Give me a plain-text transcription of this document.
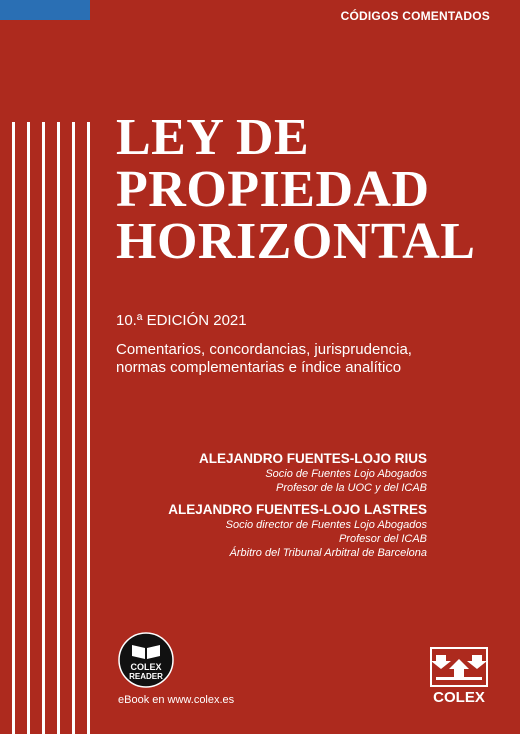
CÓDIGOS COMENTADOS
LEY DE
PROPIEDAD
HORIZONTAL
10.ª EDICIÓN 2021
Comentarios, concordancias, jurisprudencia,
normas complementarias e índice analítico
ALEJANDRO FUENTES-LOJO RIUS
Socio de Fuentes Lojo Abogados
Profesor de la UOC y del ICAB
ALEJANDRO FUENTES-LOJO LASTRES
Socio director de Fuentes Lojo Abogados
Profesor del ICAB
Árbitro del Tribunal Arbitral de Barcelona
COLEX
READER
eBook en www.colex.es	COLEX
